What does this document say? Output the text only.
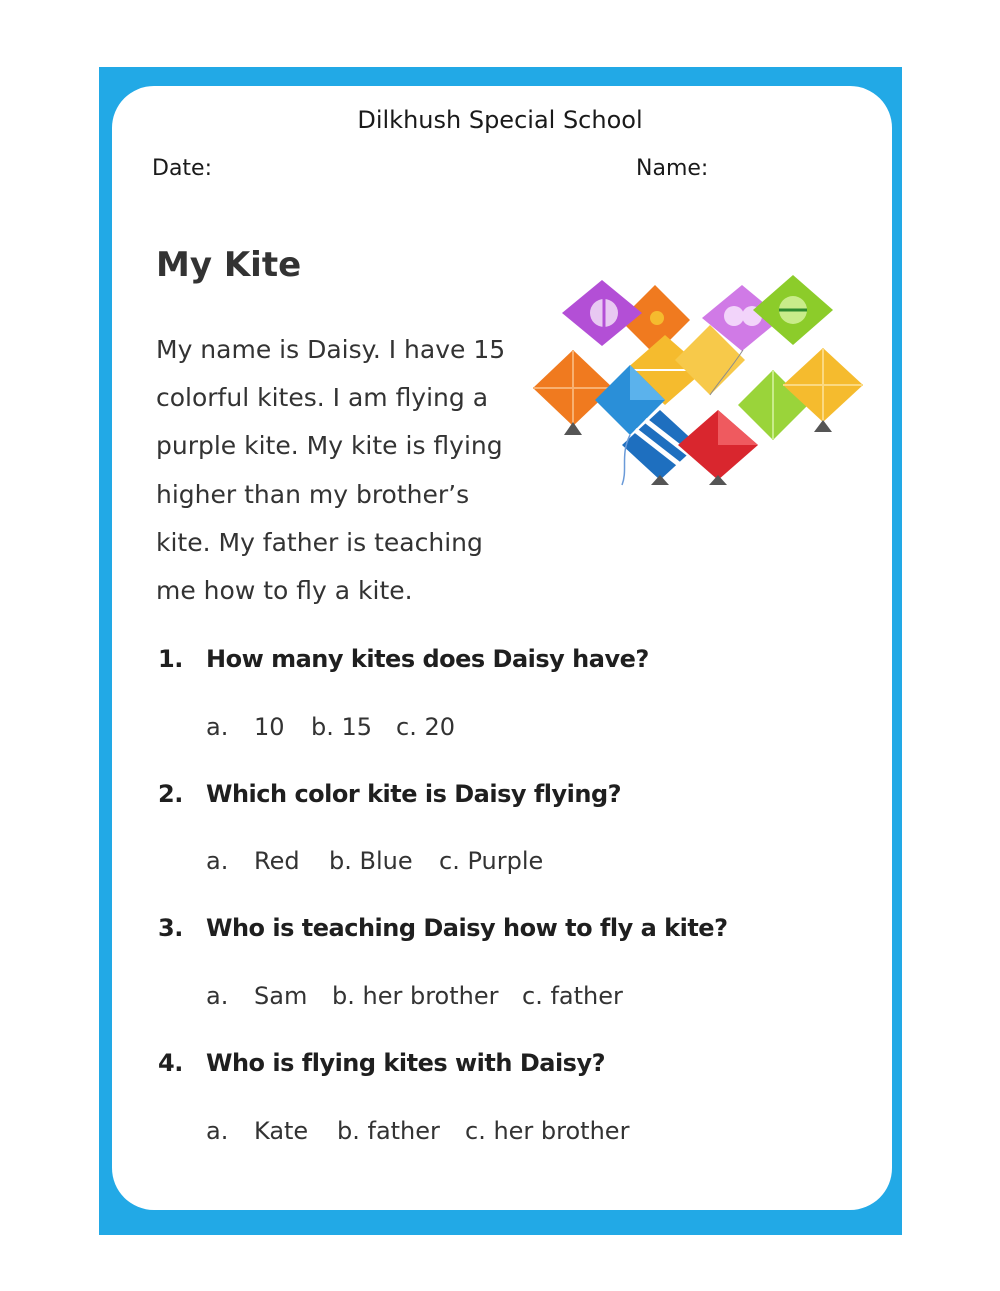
Dilkhush Special School
Date:	Name:
My Kite
My name is Daisy. I have 15
colorful kites. I am flying a
purple kite. My kite is flying
higher than my brother’s
kite. My father is teaching
me how to fly a kite.
1. How many kites does Daisy have?
a. 10 b. 15 c. 20
2. Which color kite is Daisy flying?
a. Red b. Blue c. Purple
3. Who is teaching Daisy how to fly a kite?
a. Sam b. her brother c. father
4. Who is flying kites with Daisy?
a. Kate b. father c. her brother
